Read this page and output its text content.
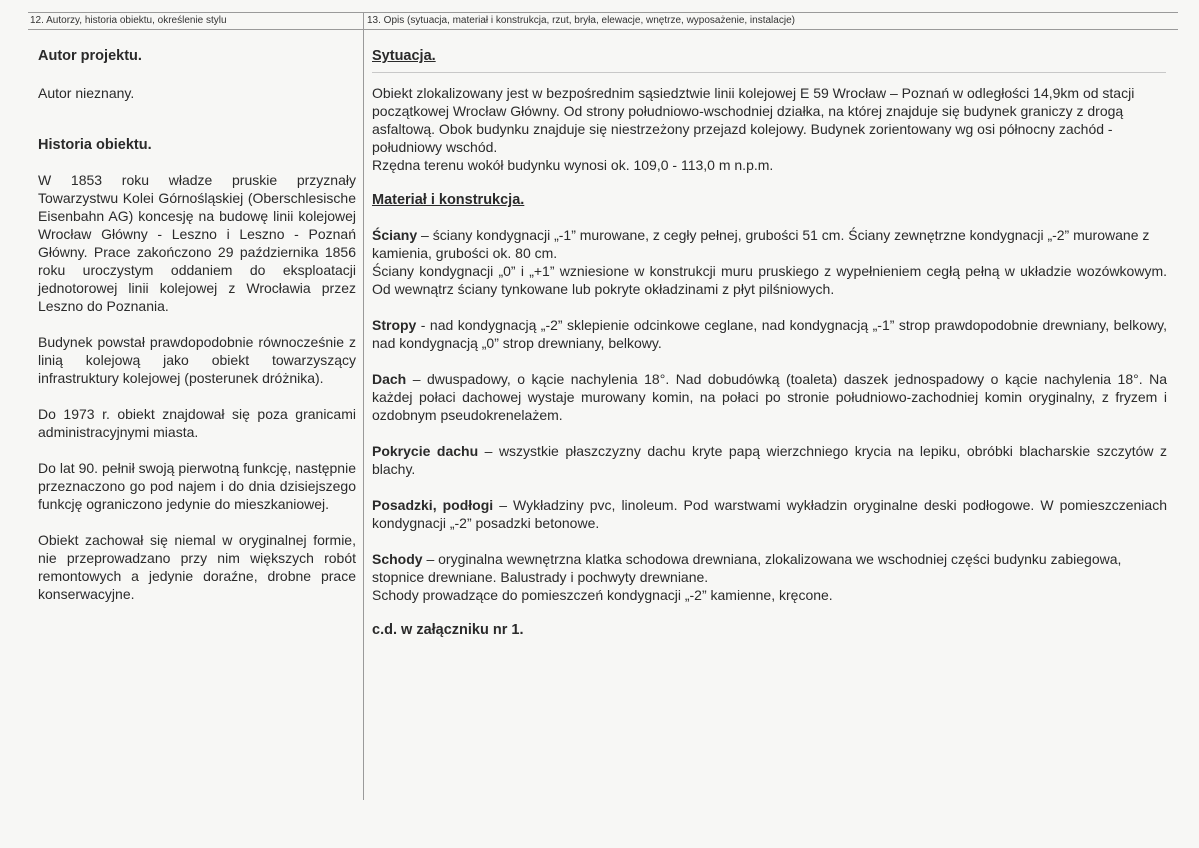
12. Autorzy, historia obiektu, określenie stylu	13. Opis (sytuacja, materiał i konstrukcja, rzut, bryła, elewacje, wnętrze, wyposażenie, instalacje)

Autor projektu.

Autor nieznany.

Historia obiektu.

W 1853 roku władze pruskie przyznały Towarzystwu Kolei Górnośląskiej (Oberschlesische Eisenbahn AG) koncesję na budowę linii kolejowej Wrocław Główny - Leszno i Leszno - Poznań Główny. Prace zakończono 29 października 1856 roku uroczystym oddaniem do eksploatacji jednotorowej linii kolejowej z Wrocławia przez Leszno do Poznania.

Budynek powstał prawdopodobnie równocześnie z linią kolejową jako obiekt towarzyszący infrastruktury kolejowej (posterunek dróżnika).

Do 1973 r. obiekt znajdował się poza granicami administracyjnymi miasta.

Do lat 90. pełnił swoją pierwotną funkcję, następnie przeznaczono go pod najem i do dnia dzisiejszego funkcję ograniczono jedynie do mieszkaniowej.

Obiekt zachował się niemal w oryginalnej formie, nie przeprowadzano przy nim większych robót remontowych a jedynie doraźne, drobne prace konserwacyjne.

Sytuacja.

Obiekt zlokalizowany jest w bezpośrednim sąsiedztwie linii kolejowej E 59 Wrocław – Poznań w odległości 14,9km od stacji początkowej Wrocław Główny. Od strony południowo-wschodniej działka, na której znajduje się budynek graniczy z drogą asfaltową. Obok budynku znajduje się niestrzeżony przejazd kolejowy. Budynek zorientowany wg osi północny zachód - południowy wschód.

Rzędna terenu wokół budynku wynosi ok. 109,0 - 113,0 m n.p.m.

Materiał i konstrukcja.

Ściany – ściany kondygnacji „-1” murowane, z cegły pełnej, grubości 51 cm. Ściany zewnętrzne kondygnacji „-2” murowane z kamienia, grubości ok. 80 cm.

Ściany kondygnacji „0” i „+1” wzniesione w konstrukcji muru pruskiego z wypełnieniem cegłą pełną w układzie wozówkowym. Od wewnątrz ściany tynkowane lub pokryte okładzinami z płyt pilśniowych.

Stropy - nad kondygnacją „-2” sklepienie odcinkowe ceglane, nad kondygnacją „-1” strop prawdopodobnie drewniany, belkowy, nad kondygnacją „0” strop drewniany, belkowy.

Dach – dwuspadowy, o kącie nachylenia 18°. Nad dobudówką (toaleta) daszek jednospadowy o kącie nachylenia 18°. Na każdej połaci dachowej wystaje murowany komin, na połaci po stronie południowo-zachodniej komin oryginalny, z fryzem i ozdobnym pseudokrenelażem.

Pokrycie dachu – wszystkie płaszczyzny dachu kryte papą wierzchniego krycia na lepiku, obróbki blacharskie szczytów z blachy.

Posadzki, podłogi – Wykładziny pvc, linoleum. Pod warstwami wykładzin oryginalne deski podłogowe. W pomieszczeniach kondygnacji „-2” posadzki betonowe.

Schody – oryginalna wewnętrzna klatka schodowa drewniana, zlokalizowana we wschodniej części budynku zabiegowa, stopnice drewniane. Balustrady i pochwyty drewniane.

Schody prowadzące do pomieszczeń kondygnacji „-2” kamienne, kręcone.

c.d. w załączniku nr 1.
